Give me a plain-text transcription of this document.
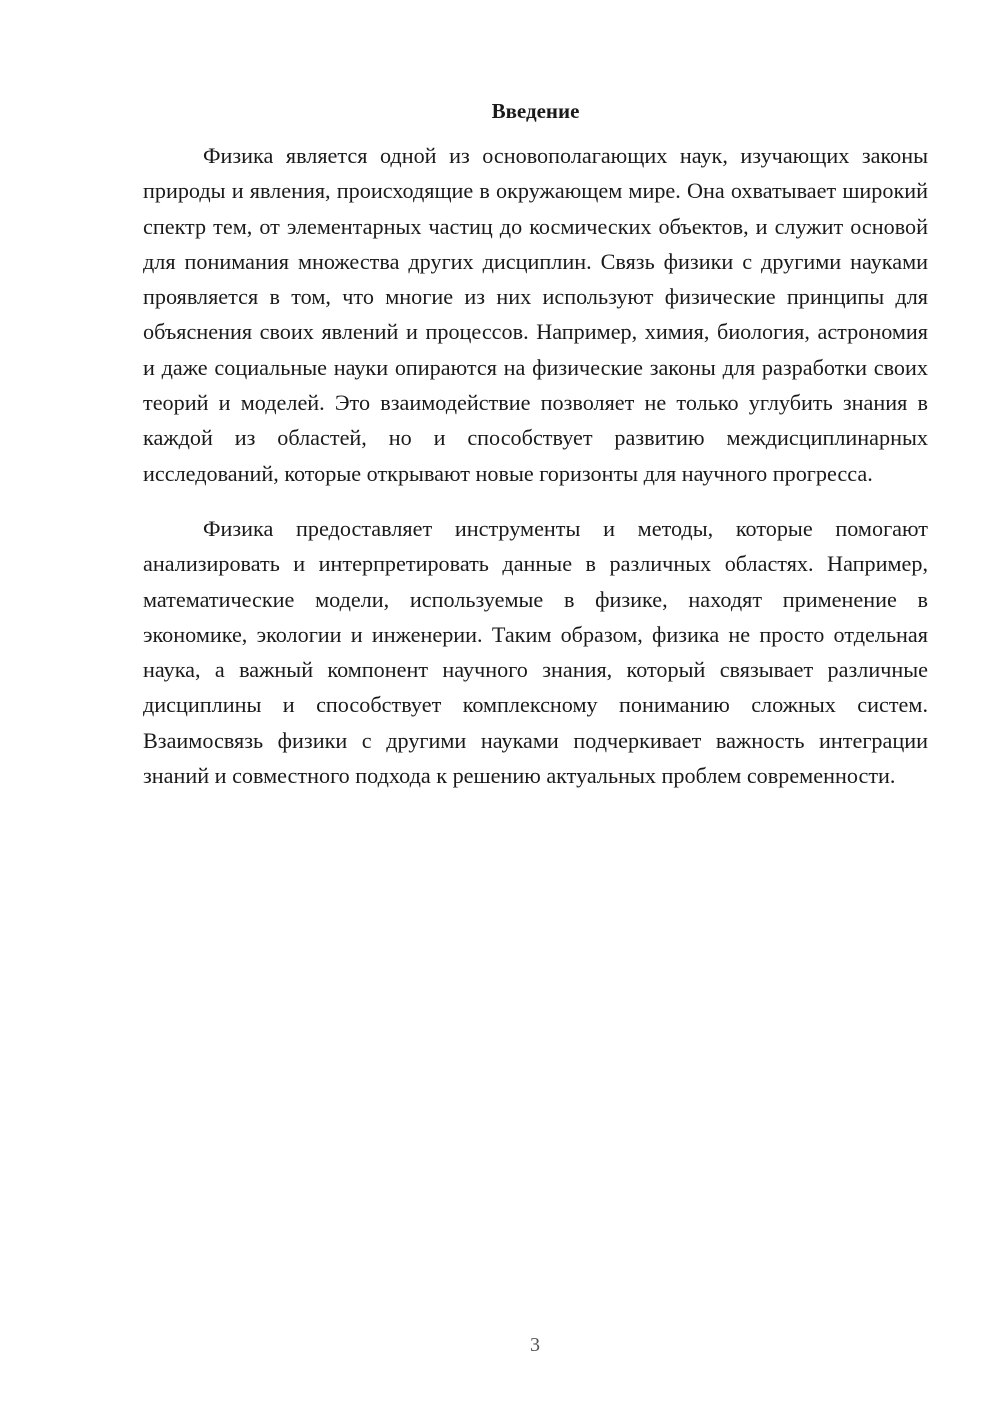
Введение

Физика является одной из основополагающих наук, изучающих законы природы и явления, происходящие в окружающем мире. Она охватывает широкий спектр тем, от элементарных частиц до космических объектов, и служит основой для понимания множества других дисциплин. Связь физики с другими науками проявляется в том, что многие из них используют физические принципы для объяснения своих явлений и процессов. Например, химия, биология, астрономия и даже социальные науки опираются на физические законы для разработки своих теорий и моделей. Это взаимодействие позволяет не только углубить знания в каждой из областей, но и способствует развитию междисциплинарных исследований, которые открывают новые горизонты для научного прогресса.

Физика предоставляет инструменты и методы, которые помогают анализировать и интерпретировать данные в различных областях. Например, математические модели, используемые в физике, находят применение в экономике, экологии и инженерии. Таким образом, физика не просто отдельная наука, а важный компонент научного знания, который связывает различные дисциплины и способствует комплексному пониманию сложных систем. Взаимосвязь физики с другими науками подчеркивает важность интеграции знаний и совместного подхода к решению актуальных проблем современности.

3
